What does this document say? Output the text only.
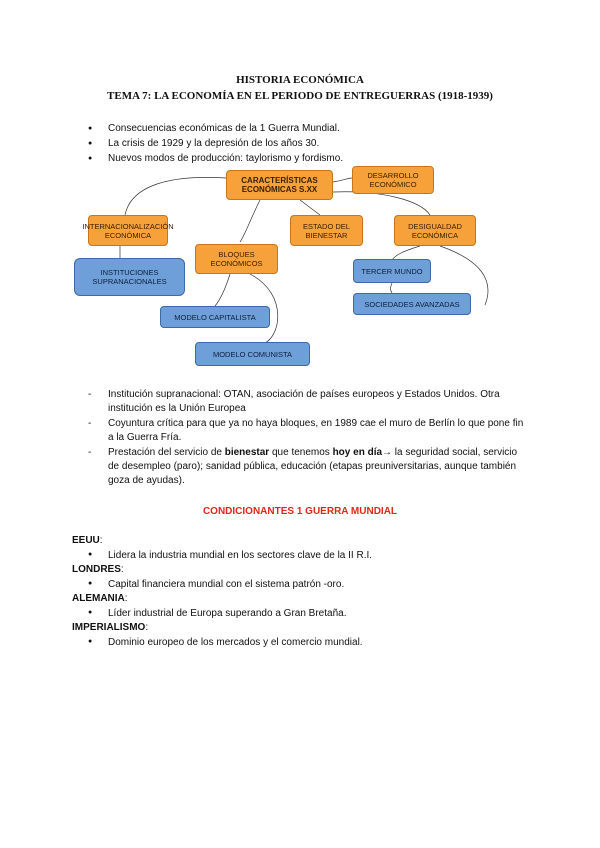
HISTORIA ECONÓMICA
TEMA 7: LA ECONOMÍA EN EL PERIODO DE ENTREGUERRAS (1918-1939)
● Consecuencias económicas de la 1 Guerra Mundial.
● La crisis de 1929 y la depresión de los años 30.
● Nuevos modos de producción: taylorismo y fordismo.
CARACTERÍSTICAS ECONÓMICAS S.XX
DESARROLLO ECONÓMICO
INTERNACIONALIZACIÓN ECONÓMICA
ESTADO DEL BIENESTAR
DESIGUALDAD ECONÓMICA
BLOQUES ECONÓMICOS
INSTITUCIONES SUPRANACIONALES
TERCER MUNDO
SOCIEDADES AVANZADAS
MODELO CAPITALISTA
MODELO COMUNISTA
- Institución supranacional: OTAN, asociación de países europeos y Estados Unidos. Otra institución es la Unión Europea
- Coyuntura crítica para que ya no haya bloques, en 1989 cae el muro de Berlín lo que pone fin a la Guerra Fría.
- Prestación del servicio de bienestar que tenemos hoy en día→ la seguridad social, servicio de desempleo (paro); sanidad pública, educación (etapas preuniversitarias, aunque también goza de ayudas).
CONDICIONANTES 1 GUERRA MUNDIAL
EEUU:
● Lidera la industria mundial en los sectores clave de la II R.I.
LONDRES:
● Capital financiera mundial con el sistema patrón -oro.
ALEMANIA:
● Líder industrial de Europa superando a Gran Bretaña.
IMPERIALISMO:
● Dominio europeo de los mercados y el comercio mundial.
